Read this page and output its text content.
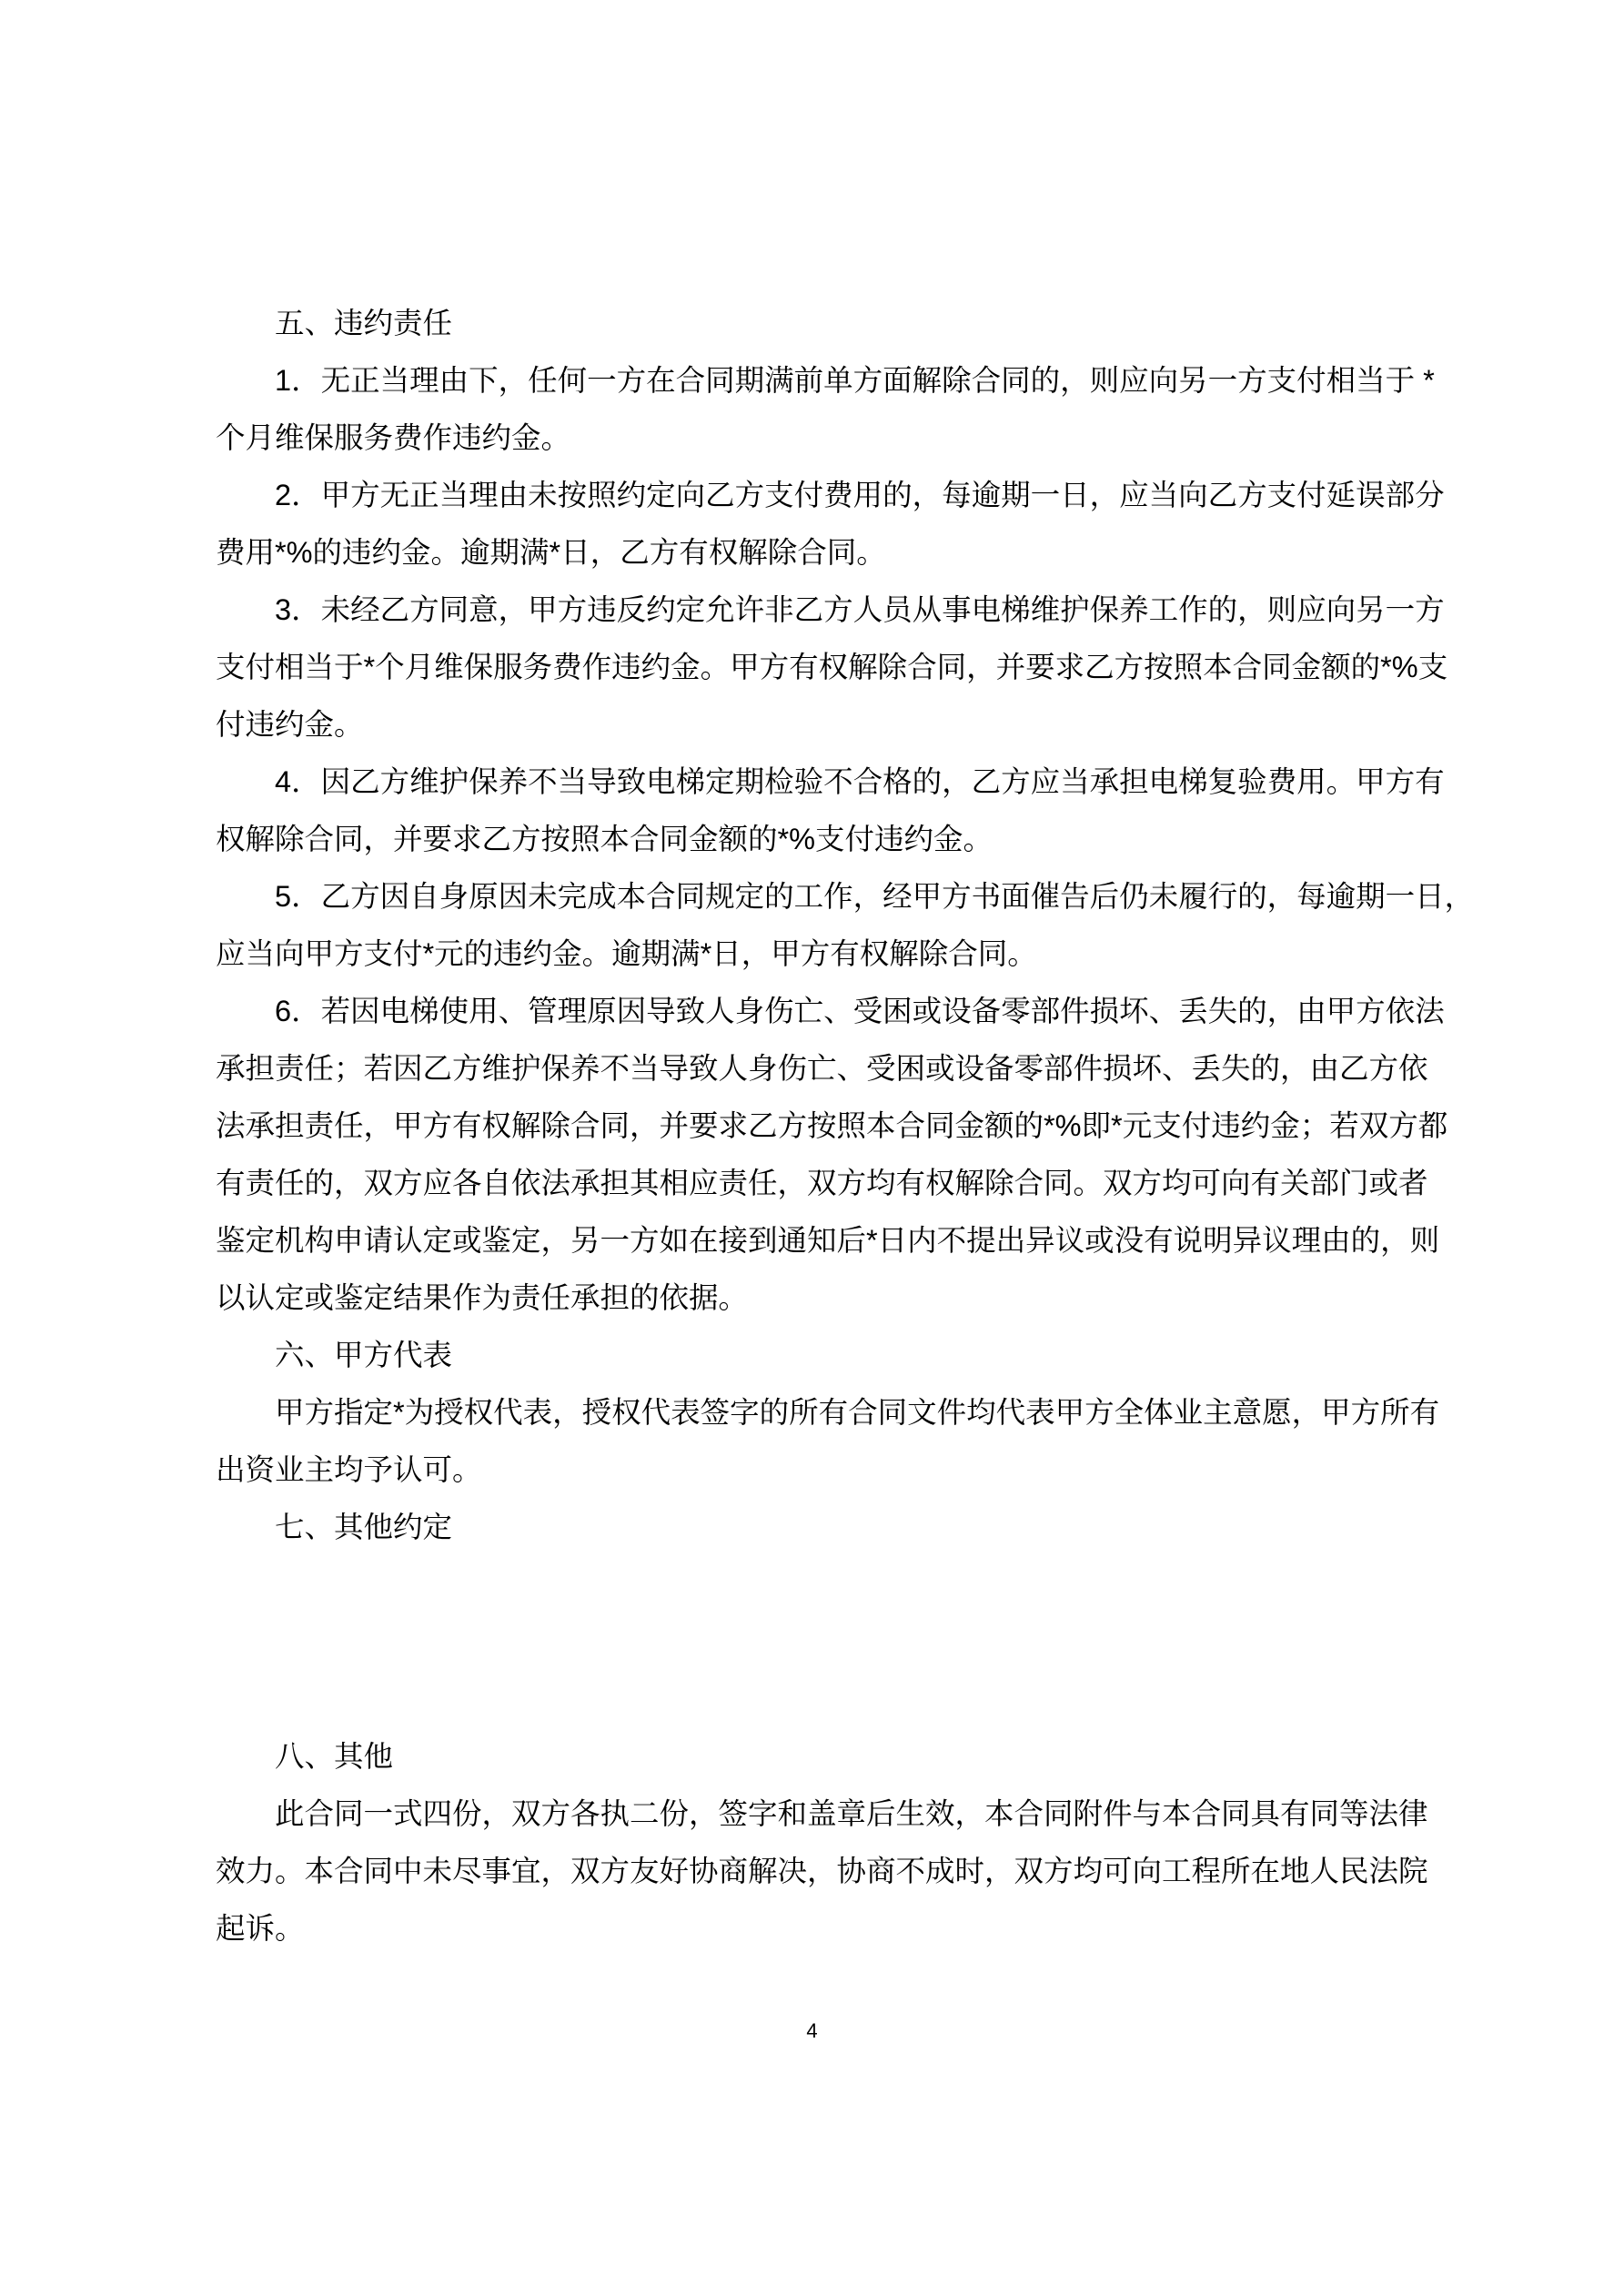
五、违约责任
1．无正当理由下，任何一方在合同期满前单方面解除合同的，则应向另一方支付相当于 *
个月维保服务费作违约金。
2．甲方无正当理由未按照约定向乙方支付费用的，每逾期一日，应当向乙方支付延误部分
费用*%的违约金。逾期满*日，乙方有权解除合同。
3．未经乙方同意，甲方违反约定允许非乙方人员从事电梯维护保养工作的，则应向另一方
支付相当于*个月维保服务费作违约金。甲方有权解除合同，并要求乙方按照本合同金额的*%支
付违约金。
4．因乙方维护保养不当导致电梯定期检验不合格的，乙方应当承担电梯复验费用。甲方有
权解除合同，并要求乙方按照本合同金额的*%支付违约金。
5．乙方因自身原因未完成本合同规定的工作，经甲方书面催告后仍未履行的，每逾期一日，
应当向甲方支付*元的违约金。逾期满*日，甲方有权解除合同。
6．若因电梯使用、管理原因导致人身伤亡、受困或设备零部件损坏、丢失的，由甲方依法
承担责任；若因乙方维护保养不当导致人身伤亡、受困或设备零部件损坏、丢失的，由乙方依
法承担责任，甲方有权解除合同，并要求乙方按照本合同金额的*%即*元支付违约金；若双方都
有责任的，双方应各自依法承担其相应责任，双方均有权解除合同。双方均可向有关部门或者
鉴定机构申请认定或鉴定，另一方如在接到通知后*日内不提出异议或没有说明异议理由的，则
以认定或鉴定结果作为责任承担的依据。
六、甲方代表
甲方指定*为授权代表，授权代表签字的所有合同文件均代表甲方全体业主意愿，甲方所有
出资业主均予认可。
七、其他约定
八、其他
此合同一式四份，双方各执二份，签字和盖章后生效，本合同附件与本合同具有同等法律
效力。本合同中未尽事宜，双方友好协商解决，协商不成时，双方均可向工程所在地人民法院
起诉。
4
